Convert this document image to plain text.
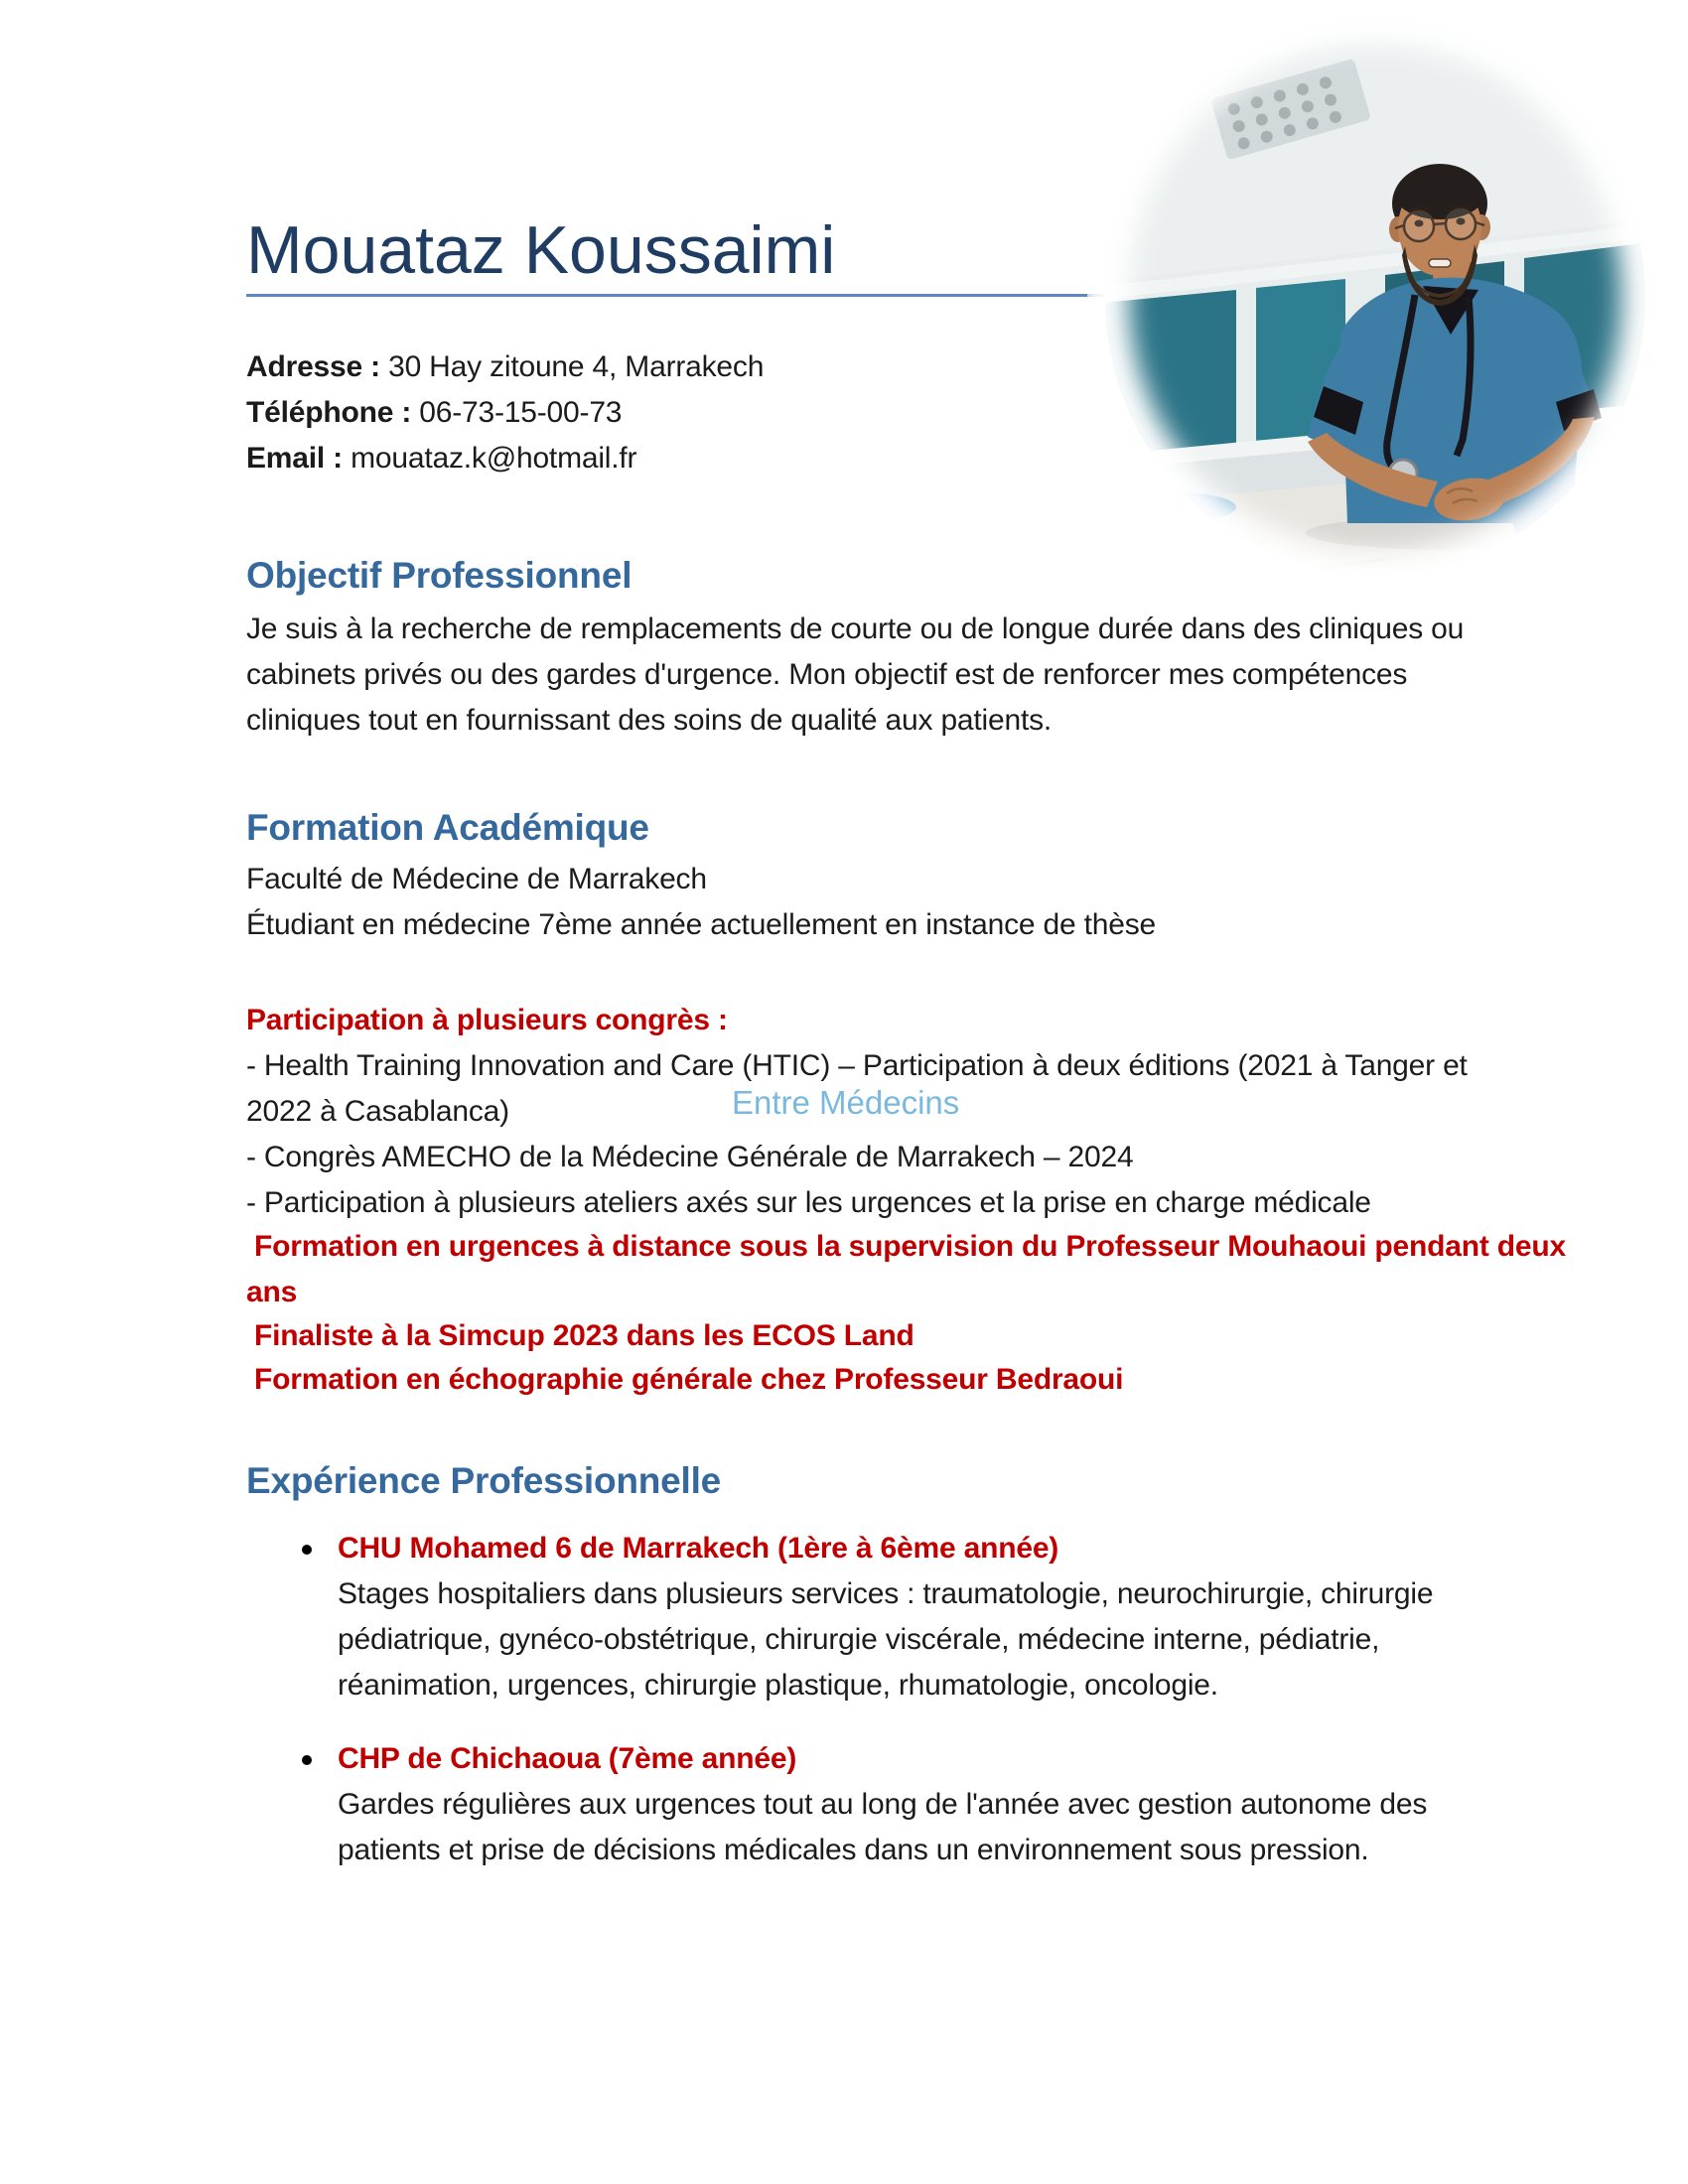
Mouataz Koussaimi
Adresse : 30 Hay zitoune 4, Marrakech
Téléphone : 06-73-15-00-73
Email : mouataz.k@hotmail.fr
Objectif Professionnel
Je suis à la recherche de remplacements de courte ou de longue durée dans des cliniques ou
cabinets privés ou des gardes d'urgence. Mon objectif est de renforcer mes compétences
cliniques tout en fournissant des soins de qualité aux patients.
Formation Académique
Faculté de Médecine de Marrakech
Étudiant en médecine 7ème année actuellement en instance de thèse
Participation à plusieurs congrès :
- Health Training Innovation and Care (HTIC) – Participation à deux éditions (2021 à Tanger et
2022 à Casablanca)	Entre Médecins
- Congrès AMECHO de la Médecine Générale de Marrakech – 2024
- Participation à plusieurs ateliers axés sur les urgences et la prise en charge médicale
Formation en urgences à distance sous la supervision du Professeur Mouhaoui pendant deux
ans
Finaliste à la Simcup 2023 dans les ECOS Land
Formation en échographie générale chez Professeur Bedraoui
Expérience Professionnelle
CHU Mohamed 6 de Marrakech (1ère à 6ème année)
Stages hospitaliers dans plusieurs services : traumatologie, neurochirurgie, chirurgie
pédiatrique, gynéco-obstétrique, chirurgie viscérale, médecine interne, pédiatrie,
réanimation, urgences, chirurgie plastique, rhumatologie, oncologie.
CHP de Chichaoua (7ème année)
Gardes régulières aux urgences tout au long de l'année avec gestion autonome des
patients et prise de décisions médicales dans un environnement sous pression.
